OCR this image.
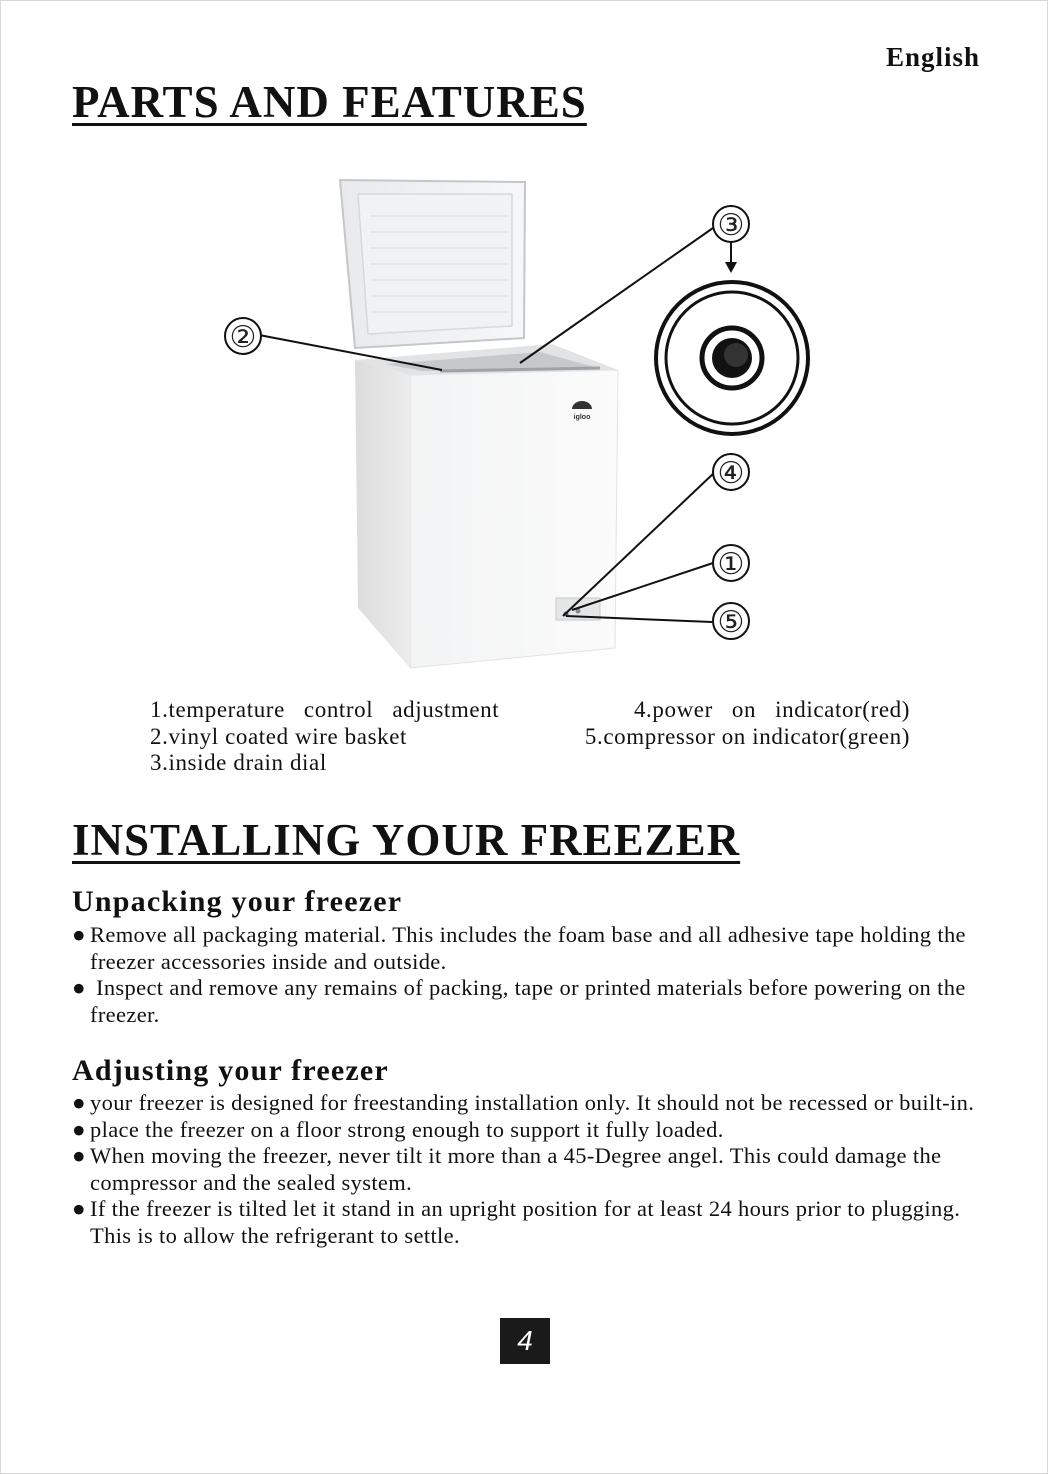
English
PARTS AND FEATURES
igloo
③
②
④
①
⑤
1.temperature   control   adjustment
2.vinyl coated wire basket
3.inside drain dial
4.power   on   indicator(red)
5.compressor on indicator(green)
INSTALLING YOUR FREEZER
Unpacking your freezer
● Remove all packaging material. This includes the foam base and all adhesive tape holding the freezer accessories inside and outside.
● Inspect and remove any remains of packing, tape or printed materials before powering on the freezer.
Adjusting your freezer
● your freezer is designed for freestanding installation only. It should not be recessed or built-in.
● place the freezer on a floor strong enough to support it fully loaded.
● When moving the freezer, never tilt it more than a 45-Degree angel. This could damage the compressor and the sealed system.
● If the freezer is tilted let it stand in an upright position for at least 24 hours prior to plugging. This is to allow the refrigerant to settle.
4
